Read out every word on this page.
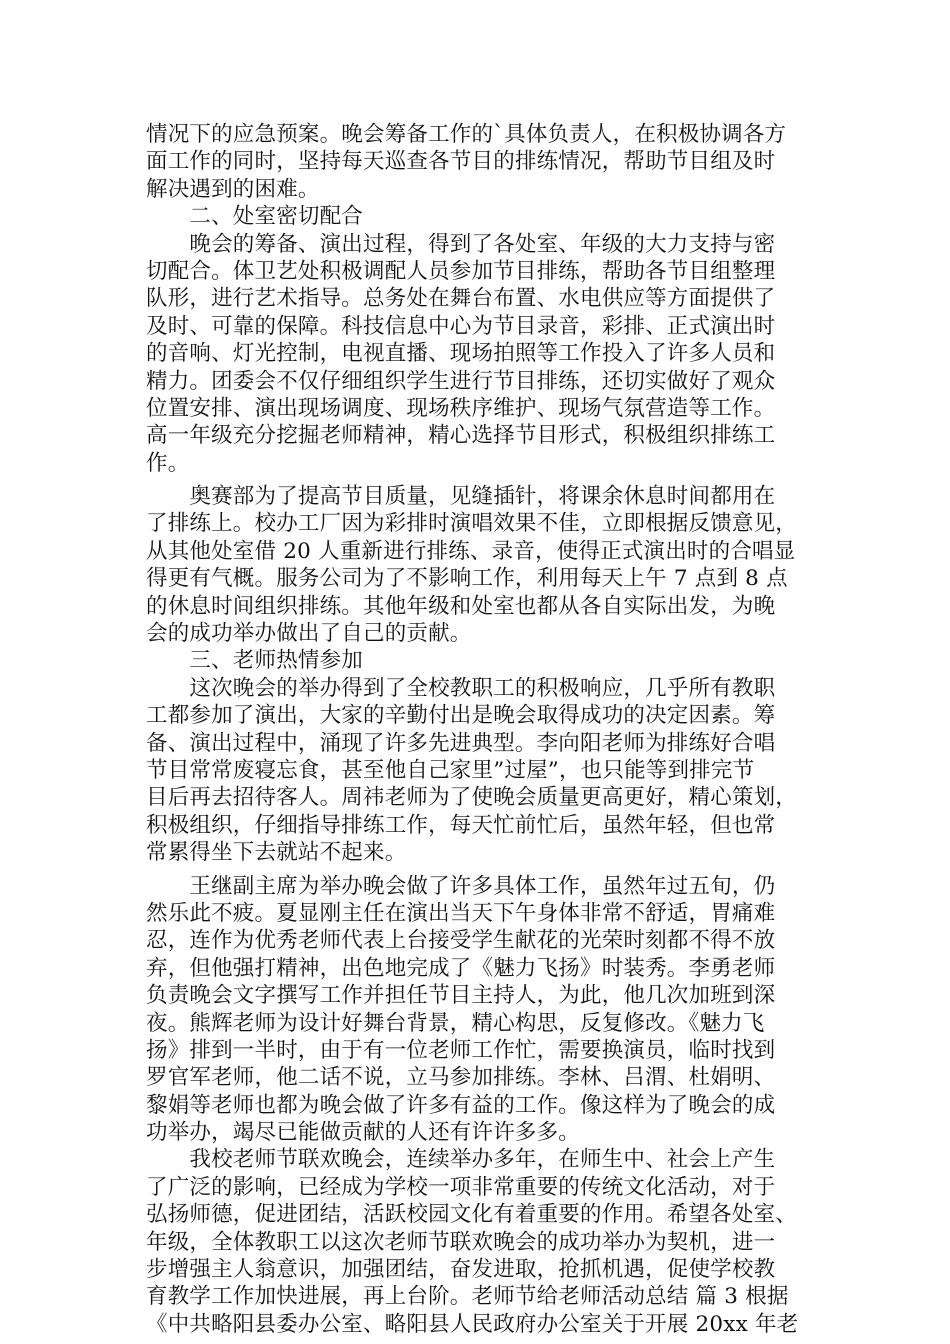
情况下的应急预案。晚会筹备工作的`具体负责人，在积极协调各方
面工作的同时，坚持每天巡查各节目的排练情况，帮助节目组及时
解决遇到的困难。
　　二、处室密切配合
　　晚会的筹备、演出过程，得到了各处室、年级的大力支持与密
切配合。体卫艺处积极调配人员参加节目排练，帮助各节目组整理
队形，进行艺术指导。总务处在舞台布置、水电供应等方面提供了
及时、可靠的保障。科技信息中心为节目录音，彩排、正式演出时
的音响、灯光控制，电视直播、现场拍照等工作投入了许多人员和
精力。团委会不仅仔细组织学生进行节目排练，还切实做好了观众
位置安排、演出现场调度、现场秩序维护、现场气氛营造等工作。
高一年级充分挖掘老师精神，精心选择节目形式，积极组织排练工
作。
　　奥赛部为了提高节目质量，见缝插针，将课余休息时间都用在
了排练上。校办工厂因为彩排时演唱效果不佳，立即根据反馈意见，
从其他处室借 20 人重新进行排练、录音，使得正式演出时的合唱显
得更有气概。服务公司为了不影响工作，利用每天上午 7 点到 8 点
的休息时间组织排练。其他年级和处室也都从各自实际出发，为晚
会的成功举办做出了自己的贡献。
　　三、老师热情参加
　　这次晚会的举办得到了全校教职工的积极响应，几乎所有教职
工都参加了演出，大家的辛勤付出是晚会取得成功的决定因素。筹
备、演出过程中，涌现了许多先进典型。李向阳老师为排练好合唱
节目常常废寝忘食，甚至他自己家里”过屋”，也只能等到排完节
目后再去招待客人。周祎老师为了使晚会质量更高更好，精心策划，
积极组织，仔细指导排练工作，每天忙前忙后，虽然年轻，但也常
常累得坐下去就站不起来。
　　王继副主席为举办晚会做了许多具体工作，虽然年过五旬，仍
然乐此不疲。夏显刚主任在演出当天下午身体非常不舒适，胃痛难
忍，连作为优秀老师代表上台接受学生献花的光荣时刻都不得不放
弃，但他强打精神，出色地完成了《魅力飞扬》时装秀。李勇老师
负责晚会文字撰写工作并担任节目主持人，为此，他几次加班到深
夜。熊辉老师为设计好舞台背景，精心构思，反复修改。《魅力飞
扬》排到一半时，由于有一位老师工作忙，需要换演员，临时找到
罗官军老师，他二话不说，立马参加排练。李林、吕渭、杜娟明、
黎娟等老师也都为晚会做了许多有益的工作。像这样为了晚会的成
功举办，竭尽已能做贡献的人还有许许多多。
　　我校老师节联欢晚会，连续举办多年，在师生中、社会上产生
了广泛的影响，已经成为学校一项非常重要的传统文化活动，对于
弘扬师德，促进团结，活跃校园文化有着重要的作用。希望各处室、
年级，全体教职工以这次老师节联欢晚会的成功举办为契机，进一
步增强主人翁意识，加强团结，奋发进取，抢抓机遇，促使学校教
育教学工作加快进展，再上台阶。老师节给老师活动总结 篇 3 根据
《中共略阳县委办公室、略阳县人民政府办公室关于开展 20xx 年老
